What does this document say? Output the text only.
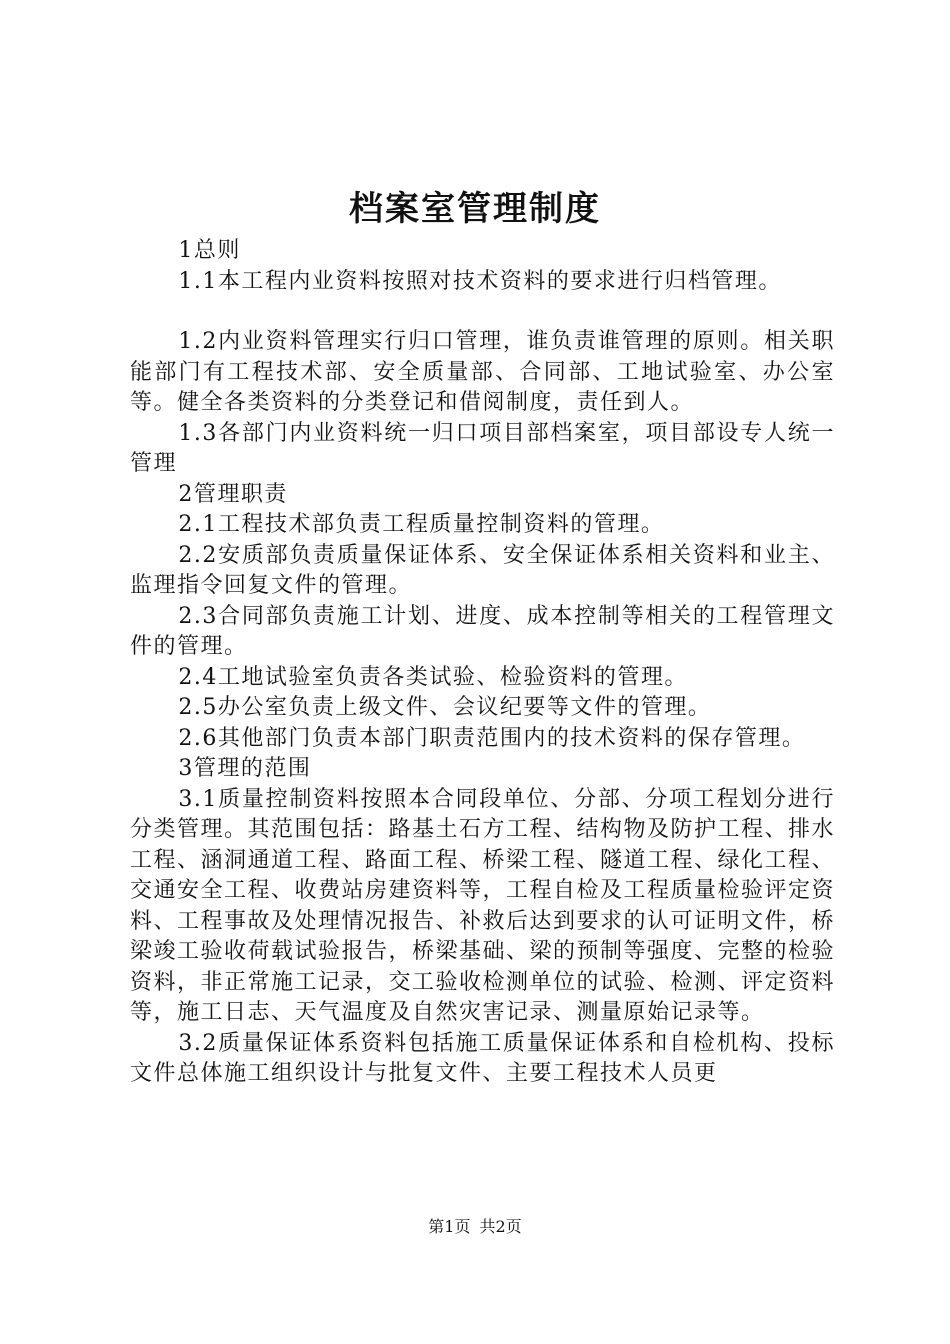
档案室管理制度

1总则

1.1本工程内业资料按照对技术资料的要求进行归档管理。

1.2内业资料管理实行归口管理，谁负责谁管理的原则。相关职能部门有工程技术部、安全质量部、合同部、工地试验室、办公室等。健全各类资料的分类登记和借阅制度，责任到人。

1.3各部门内业资料统一归口项目部档案室，项目部设专人统一管理

2管理职责

2.1工程技术部负责工程质量控制资料的管理。

2.2安质部负责质量保证体系、安全保证体系相关资料和业主、监理指令回复文件的管理。

2.3合同部负责施工计划、进度、成本控制等相关的工程管理文件的管理。

2.4工地试验室负责各类试验、检验资料的管理。

2.5办公室负责上级文件、会议纪要等文件的管理。

2.6其他部门负责本部门职责范围内的技术资料的保存管理。

3管理的范围

3.1质量控制资料按照本合同段单位、分部、分项工程划分进行分类管理。其范围包括：路基土石方工程、结构物及防护工程、排水工程、涵洞通道工程、路面工程、桥梁工程、隧道工程、绿化工程、交通安全工程、收费站房建资料等，工程自检及工程质量检验评定资料、工程事故及处理情况报告、补救后达到要求的认可证明文件，桥梁竣工验收荷载试验报告，桥梁基础、梁的预制等强度、完整的检验资料，非正常施工记录，交工验收检测单位的试验、检测、评定资料等，施工日志、天气温度及自然灾害记录、测量原始记录等。

3.2质量保证体系资料包括施工质量保证体系和自检机构、投标文件总体施工组织设计与批复文件、主要工程技术人员更

第1页 共2页
